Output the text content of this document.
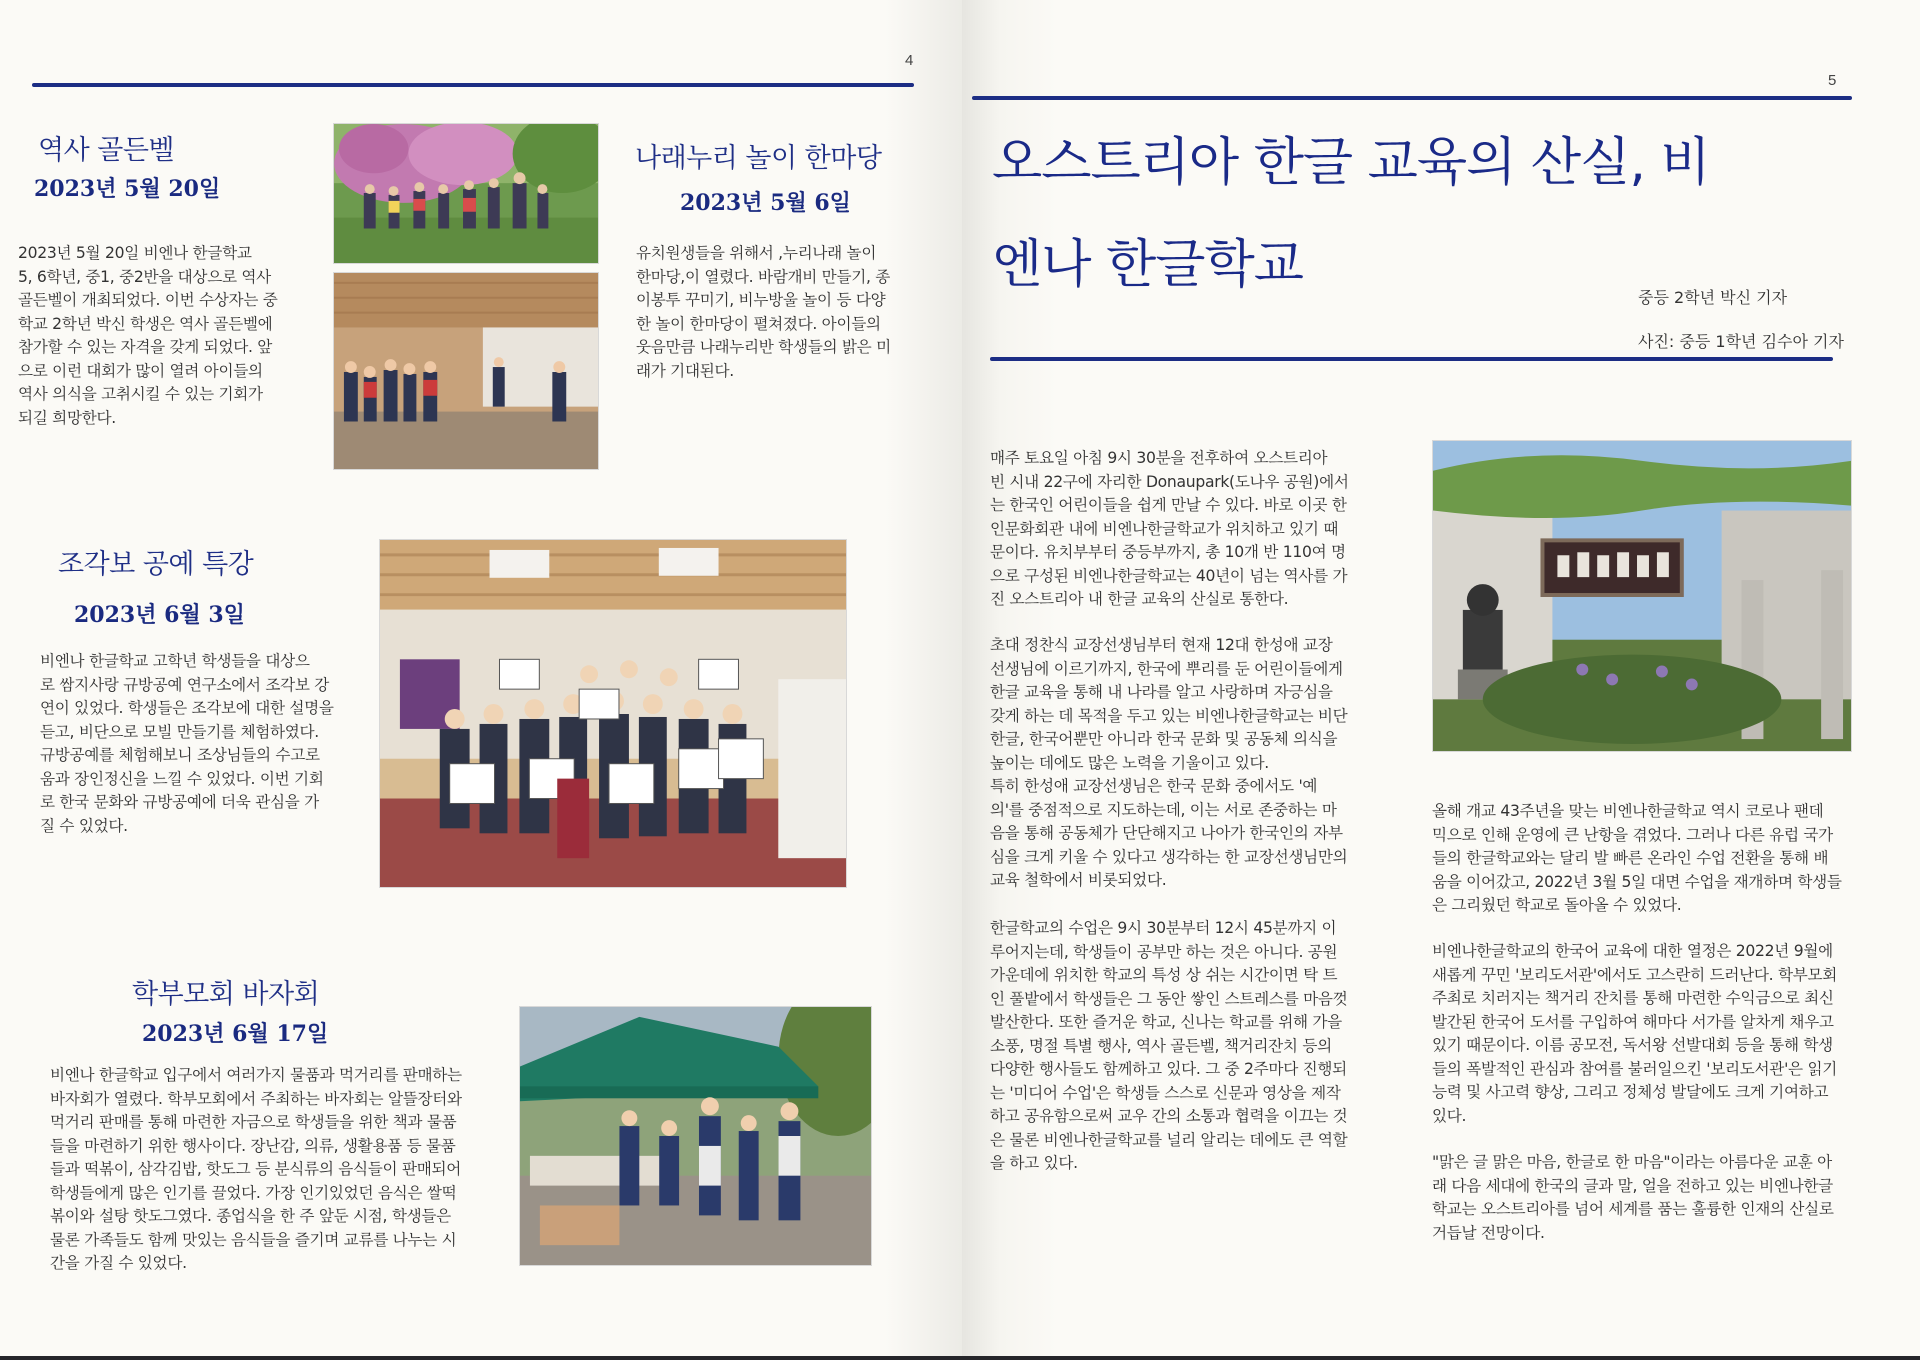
4
역사 골든벨
2023년 5월 20일
2023년 5월 20일 비엔나 한글학교
5, 6학년, 중1, 중2반을 대상으로 역사
골든벨이 개최되었다. 이번 수상자는 중
학교 2학년 박신 학생은 역사 골든벨에
참가할 수 있는 자격을 갖게 되었다. 앞
으로 이런 대회가 많이 열려 아이들의
역사 의식을 고취시킬 수 있는 기회가
되길 희망한다.
나래누리 놀이 한마당
2023년 5월 6일
유치원생들을 위해서 ,누리나래 놀이
한마당,이 열렸다. 바람개비 만들기, 종
이봉투 꾸미기, 비누방울 놀이 등 다양
한 놀이 한마당이 펼쳐졌다. 아이들의
웃음만큼 나래누리반 학생들의 밝은 미
래가 기대된다.
조각보 공예 특강
2023년 6월 3일
비엔나 한글학교 고학년 학생들을 대상으
로 쌈지사랑 규방공예 연구소에서 조각보 강
연이 있었다. 학생들은 조각보에 대한 설명을
듣고, 비단으로 모빌 만들기를 체험하였다.
규방공예를 체험해보니 조상님들의 수고로
움과 장인정신을 느낄 수 있었다. 이번 기회
로 한국 문화와 규방공예에 더욱 관심을 가
질 수 있었다.
학부모회 바자회
2023년 6월 17일
비엔나 한글학교 입구에서 여러가지 물품과 먹거리를 판매하는
바자회가 열렸다. 학부모회에서 주최하는 바자회는 알뜰장터와
먹거리 판매를 통해 마련한 자금으로 학생들을 위한 책과 물품
들을 마련하기 위한 행사이다. 장난감, 의류, 생활용품 등 물품
들과 떡볶이, 삼각김밥, 핫도그 등 분식류의 음식들이 판매되어
학생들에게 많은 인기를 끌었다. 가장 인기있었던 음식은 쌀떡
볶이와 설탕 핫도그였다. 종업식을 한 주 앞둔 시점, 학생들은
물론 가족들도 함께 맛있는 음식들을 즐기며 교류를 나누는 시
간을 가질 수 있었다.
5
오스트리아 한글 교육의 산실, 비
엔나 한글학교
중등 2학년 박신 기자
사진: 중등 1학년 김수아 기자
매주 토요일 아침 9시 30분을 전후하여 오스트리아
빈 시내 22구에 자리한 Donaupark(도나우 공원)에서
는 한국인 어린이들을 쉽게 만날 수 있다. 바로 이곳 한
인문화회관 내에 비엔나한글학교가 위치하고 있기 때
문이다. 유치부부터 중등부까지, 총 10개 반 110여 명
으로 구성된 비엔나한글학교는 40년이 넘는 역사를 가
진 오스트리아 내 한글 교육의 산실로 통한다.
초대 정찬식 교장선생님부터 현재 12대 한성애 교장
선생님에 이르기까지, 한국에 뿌리를 둔 어린이들에게
한글 교육을 통해 내 나라를 알고 사랑하며 자긍심을
갖게 하는 데 목적을 두고 있는 비엔나한글학교는 비단
한글, 한국어뿐만 아니라 한국 문화 및 공동체 의식을
높이는 데에도 많은 노력을 기울이고 있다.
특히 한성애 교장선생님은 한국 문화 중에서도 '예
의'를 중점적으로 지도하는데, 이는 서로 존중하는 마
음을 통해 공동체가 단단해지고 나아가 한국인의 자부
심을 크게 키울 수 있다고 생각하는 한 교장선생님만의
교육 철학에서 비롯되었다.
한글학교의 수업은 9시 30분부터 12시 45분까지 이
루어지는데, 학생들이 공부만 하는 것은 아니다. 공원
가운데에 위치한 학교의 특성 상 쉬는 시간이면 탁 트
인 풀밭에서 학생들은 그 동안 쌓인 스트레스를 마음껏
발산한다. 또한 즐거운 학교, 신나는 학교를 위해 가을
소풍, 명절 특별 행사, 역사 골든벨, 책거리잔치 등의
다양한 행사들도 함께하고 있다. 그 중 2주마다 진행되
는 '미디어 수업'은 학생들 스스로 신문과 영상을 제작
하고 공유함으로써 교우 간의 소통과 협력을 이끄는 것
은 물론 비엔나한글학교를 널리 알리는 데에도 큰 역할
을 하고 있다.
올해 개교 43주년을 맞는 비엔나한글학교 역시 코로나 팬데
믹으로 인해 운영에 큰 난항을 겪었다. 그러나 다른 유럽 국가
들의 한글학교와는 달리 발 빠른 온라인 수업 전환을 통해 배
움을 이어갔고, 2022년 3월 5일 대면 수업을 재개하며 학생들
은 그리웠던 학교로 돌아올 수 있었다.
비엔나한글학교의 한국어 교육에 대한 열정은 2022년 9월에
새롭게 꾸민 '보리도서관'에서도 고스란히 드러난다. 학부모회
주최로 치러지는 책거리 잔치를 통해 마련한 수익금으로 최신
발간된 한국어 도서를 구입하여 해마다 서가를 알차게 채우고
있기 때문이다. 이름 공모전, 독서왕 선발대회 등을 통해 학생
들의 폭발적인 관심과 참여를 불러일으킨 '보리도서관'은 읽기
능력 및 사고력 향상, 그리고 정체성 발달에도 크게 기여하고
있다.
"맑은 글 맑은 마음, 한글로 한 마음"이라는 아름다운 교훈 아
래 다음 세대에 한국의 글과 말, 얼을 전하고 있는 비엔나한글
학교는 오스트리아를 넘어 세계를 품는 훌륭한 인재의 산실로
거듭날 전망이다.
